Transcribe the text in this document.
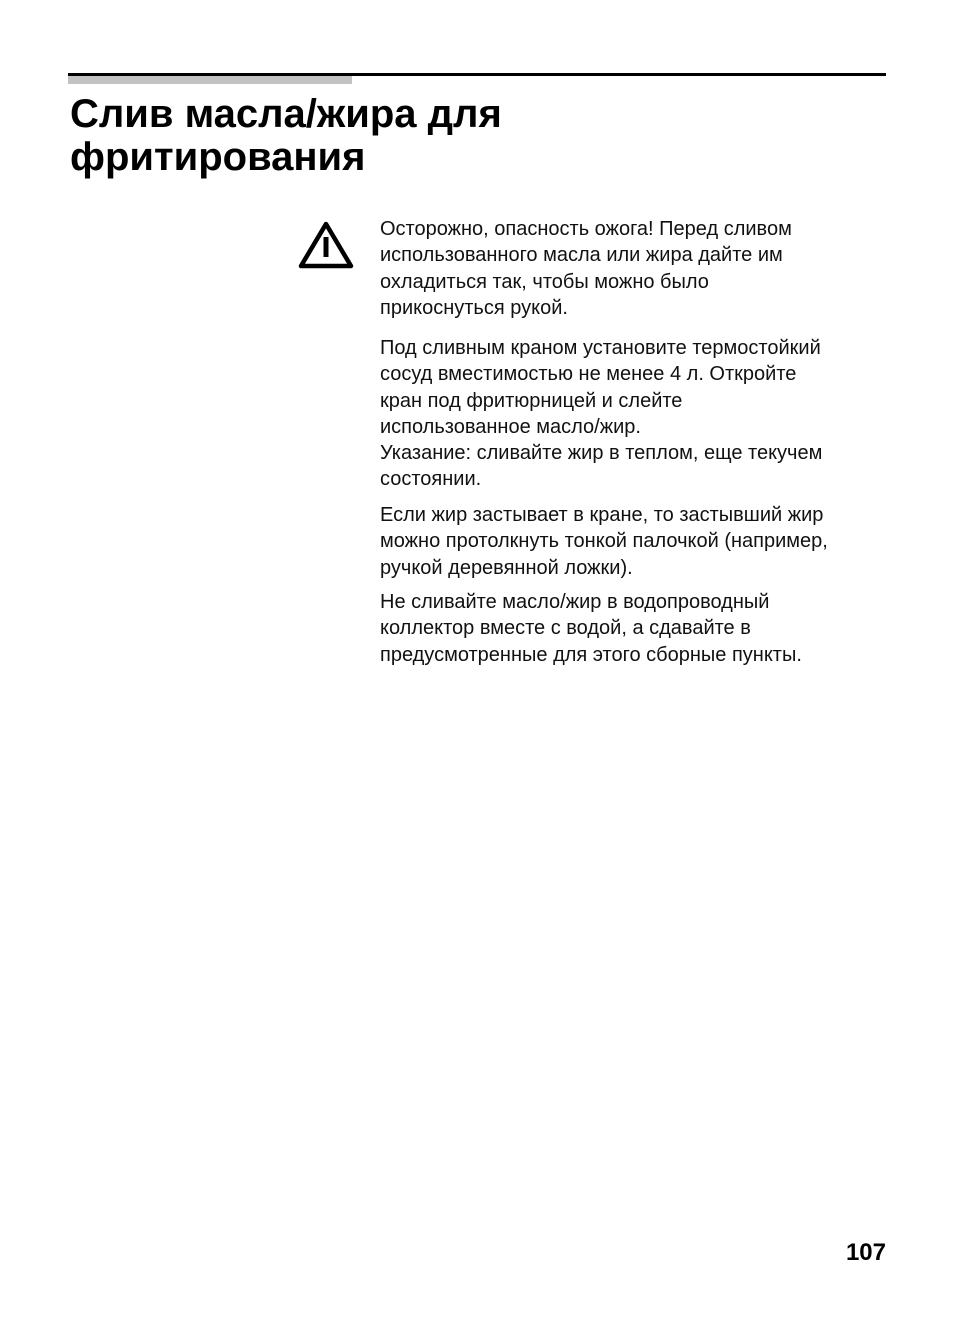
Слив масла/жира для
фритирования

Осторожно, опасность ожога! Перед сливом
использованного масла или жира дайте им
охладиться так, чтобы можно было
прикоснуться рукой.

Под сливным краном установите термостойкий
сосуд вместимостью не менее 4 л. Откройте
кран под фритюрницей и слейте
использованное масло/жир.
Указание: сливайте жир в теплом, еще текучем
состоянии.

Если жир застывает в кране, то застывший жир
можно протолкнуть тонкой палочкой (например,
ручкой деревянной ложки).

Не сливайте масло/жир в водопроводный
коллектор вместе с водой, а сдавайте в
предусмотренные для этого сборные пункты.

107
